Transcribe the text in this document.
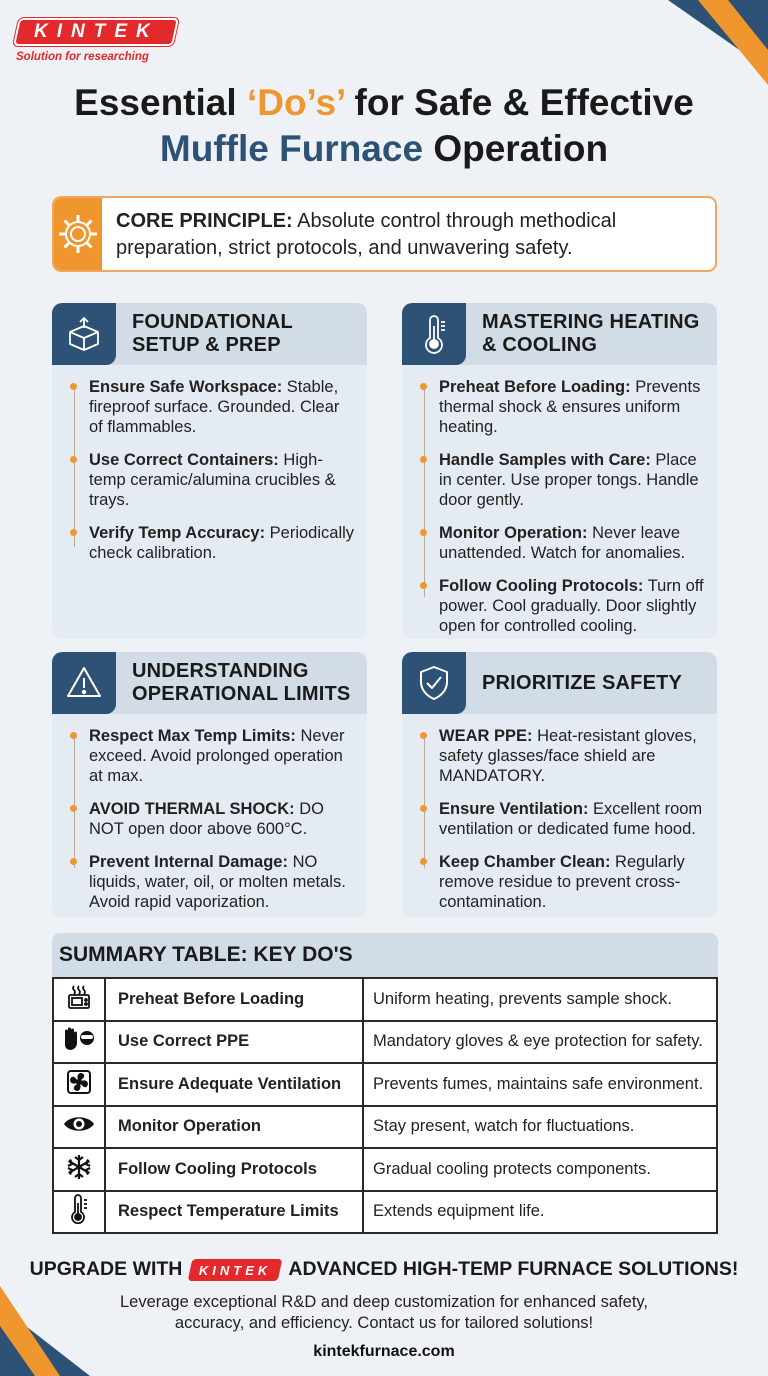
KINTEK
Solution for researching
Essential ‘Do’s’ for Safe & Effective
Muffle Furnace Operation
CORE PRINCIPLE: Absolute control through methodical preparation, strict protocols, and unwavering safety.
FOUNDATIONAL
SETUP & PREP
Ensure Safe Workspace: Stable, fireproof surface. Grounded. Clear of flammables.
Use Correct Containers: High-temp ceramic/alumina crucibles & trays.
Verify Temp Accuracy: Periodically check calibration.
MASTERING HEATING
& COOLING
Preheat Before Loading: Prevents thermal shock & ensures uniform heating.
Handle Samples with Care: Place in center. Use proper tongs. Handle door gently.
Monitor Operation: Never leave unattended. Watch for anomalies.
Follow Cooling Protocols: Turn off power. Cool gradually. Door slightly open for controlled cooling.
UNDERSTANDING
OPERATIONAL LIMITS
Respect Max Temp Limits: Never exceed. Avoid prolonged operation at max.
AVOID THERMAL SHOCK: DO NOT open door above 600°C.
Prevent Internal Damage: NO liquids, water, oil, or molten metals. Avoid rapid vaporization.
PRIORITIZE SAFETY
WEAR PPE: Heat-resistant gloves, safety glasses/face shield are MANDATORY.
Ensure Ventilation: Excellent room ventilation or dedicated fume hood.
Keep Chamber Clean: Regularly remove residue to prevent cross-contamination.
SUMMARY TABLE: KEY DO'S
	Preheat Before Loading	Uniform heating, prevents sample shock.
	Use Correct PPE	Mandatory gloves & eye protection for safety.
	Ensure Adequate Ventilation	Prevents fumes, maintains safe environment.
	Monitor Operation	Stay present, watch for fluctuations.
	Follow Cooling Protocols	Gradual cooling protects components.
	Respect Temperature Limits	Extends equipment life.
UPGRADE WITH KINTEK ADVANCED HIGH-TEMP FURNACE SOLUTIONS!
Leverage exceptional R&D and deep customization for enhanced safety,
accuracy, and efficiency. Contact us for tailored solutions!
kintekfurnace.com
